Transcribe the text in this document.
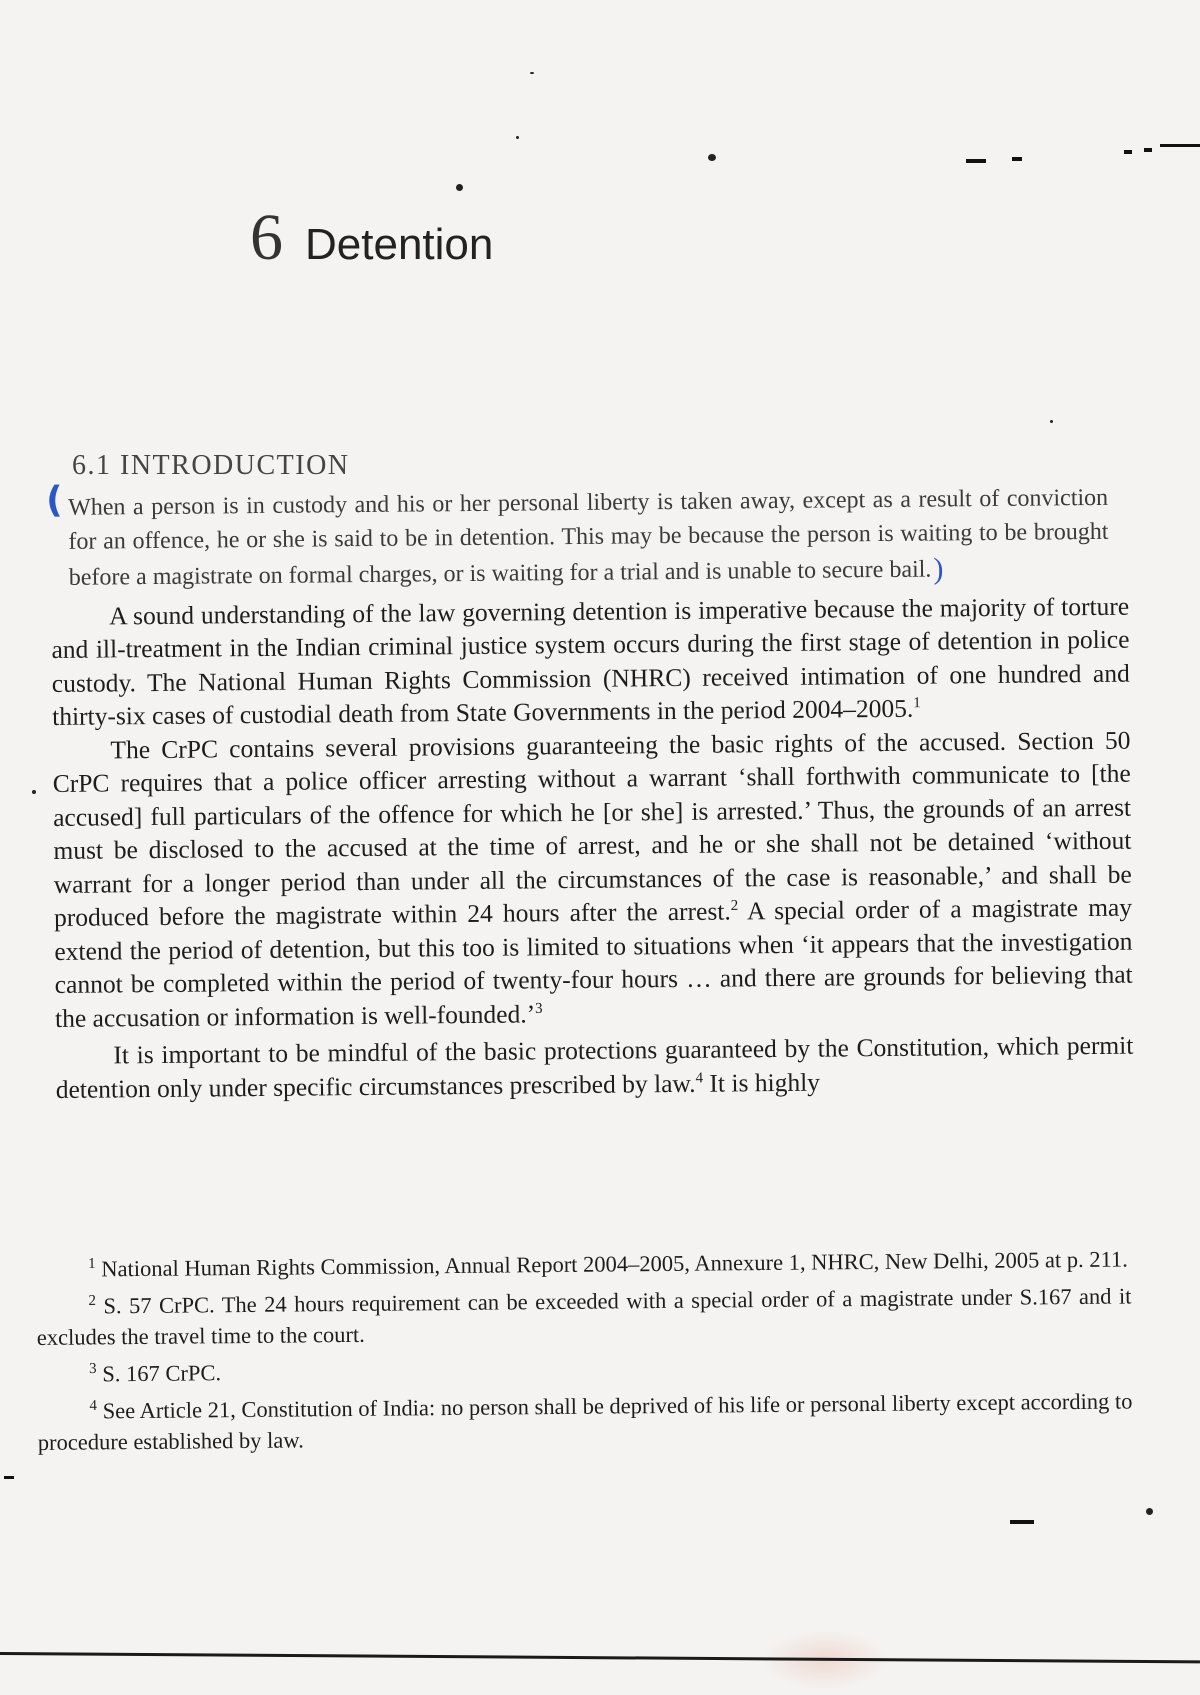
6 Detention
6.1 INTRODUCTION

( When a person is in custody and his or her personal liberty is taken away, except as a result of conviction for an offence, he or she is said to be in detention. This may be because the person is waiting to be brought before a magistrate on formal charges, or is waiting for a trial and is unable to secure bail.)

A sound understanding of the law governing detention is imperative because the majority of torture and ill-treatment in the Indian criminal justice system occurs during the first stage of detention in police custody. The National Human Rights Commission (NHRC) received intimation of one hundred and thirty-six cases of custodial death from State Governments in the period 2004–2005.$^1$

The CrPC contains several provisions guaranteeing the basic rights of the accused. Section 50 CrPC requires that a police officer arresting without a warrant ‘shall forthwith communicate to [the accused] full particulars of the offence for which he [or she] is arrested.’ Thus, the grounds of an arrest must be disclosed to the accused at the time of arrest, and he or she shall not be detained ‘without warrant for a longer period than under all the circumstances of the case is reasonable,’ and shall be produced before the magistrate within 24 hours after the arrest.$^2$ A special order of a magistrate may extend the period of detention, but this too is limited to situations when ‘it appears that the investigation cannot be completed within the period of twenty-four hours … and there are grounds for believing that the accusation or information is well-founded.’$^3$

It is important to be mindful of the basic protections guaranteed by the Constitution, which permit detention only under specific circumstances prescribed by law.$^4$ It is highly

$^1$ National Human Rights Commission, Annual Report 2004–2005, Annexure 1, NHRC, New Delhi, 2005 at p. 211.

$^2$ S. 57 CrPC. The 24 hours requirement can be exceeded with a special order of a magistrate under S.167 and it excludes the travel time to the court.

$^3$ S. 167 CrPC.

$^4$ See Article 21, Constitution of India: no person shall be deprived of his life or personal liberty except according to procedure established by law.
